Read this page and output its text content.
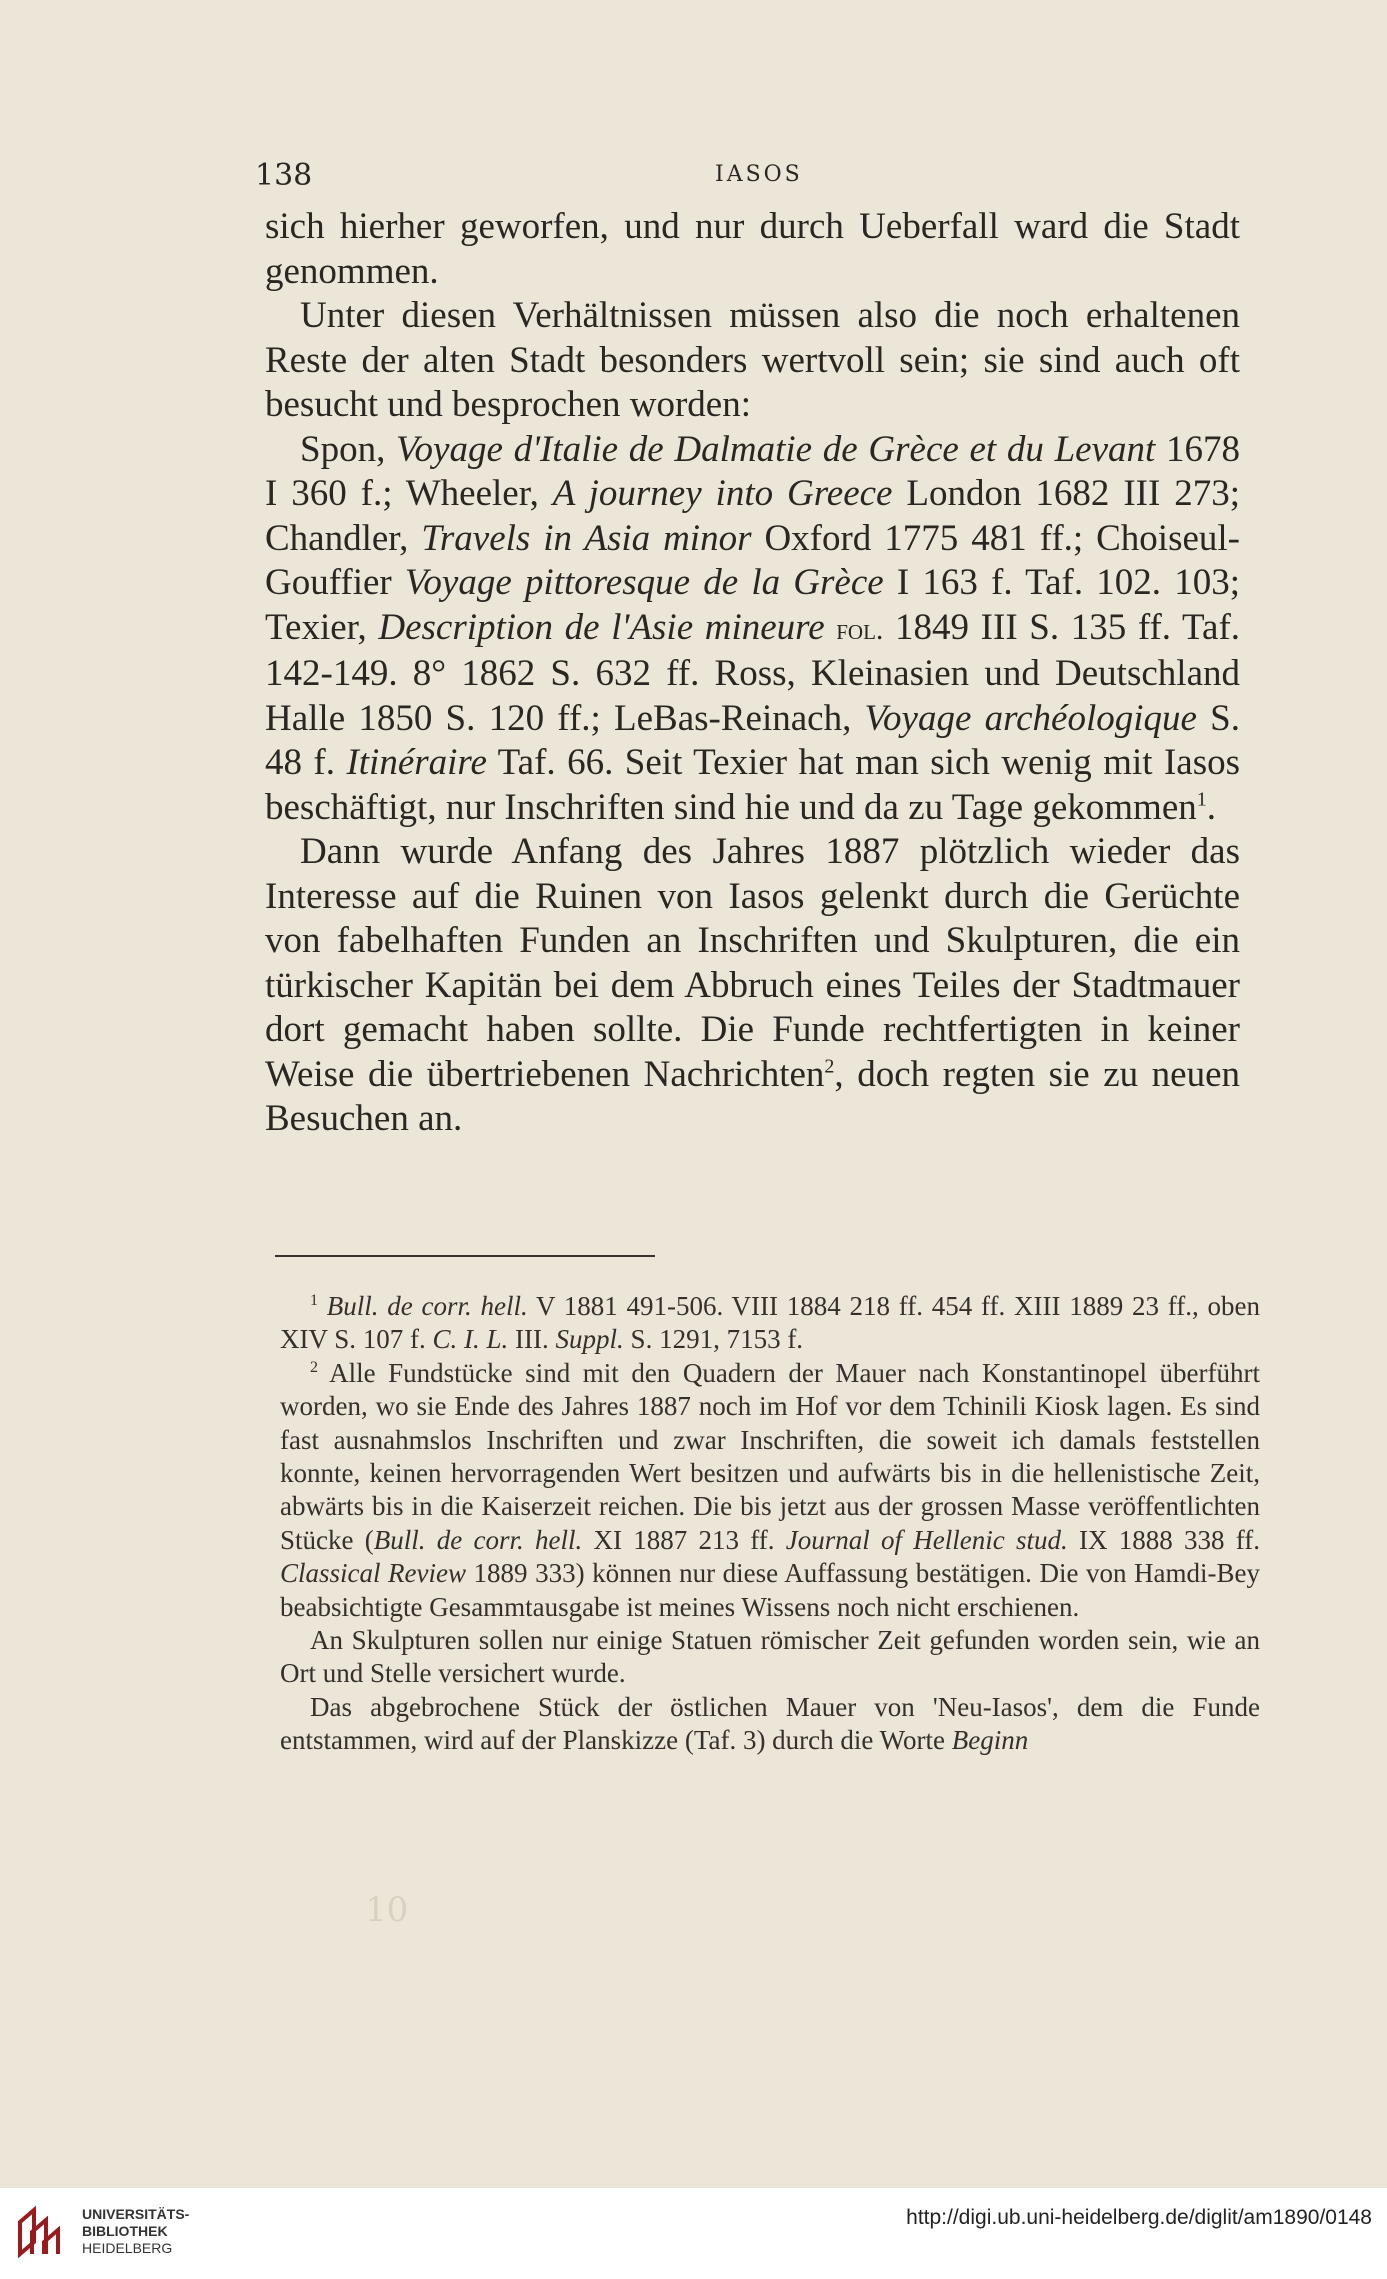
138	IASOS

sich hierher geworfen, und nur durch Ueberfall ward die Stadt genommen.

Unter diesen Verhältnissen müssen also die noch erhaltenen Reste der alten Stadt besonders wertvoll sein; sie sind auch oft besucht und besprochen worden:

Spon, Voyage d'Italie de Dalmatie de Grèce et du Levant 1678 I 360 f.; Wheeler, A journey into Greece London 1682 III 273; Chandler, Travels in Asia minor Oxford 1775 481 ff.; Choiseul-Gouffier Voyage pittoresque de la Grèce I 163 f. Taf. 102. 103; Texier, Description de l'Asie mineure fol. 1849 III S. 135 ff. Taf. 142-149. 8° 1862 S. 632 ff. Ross, Kleinasien und Deutschland Halle 1850 S. 120 ff.; LeBas-Reinach, Voyage archéologique S. 48 f. Itinéraire Taf. 66. Seit Texier hat man sich wenig mit Iasos beschäftigt, nur Inschriften sind hie und da zu Tage gekommen$^1$.

Dann wurde Anfang des Jahres 1887 plötzlich wieder das Interesse auf die Ruinen von Iasos gelenkt durch die Gerüchte von fabelhaften Funden an Inschriften und Skulpturen, die ein türkischer Kapitän bei dem Abbruch eines Teiles der Stadtmauer dort gemacht haben sollte. Die Funde rechtfertigten in keiner Weise die übertriebenen Nachrichten$^2$, doch regten sie zu neuen Besuchen an.

$^1$ Bull. de corr. hell. V 1881 491-506. VIII 1884 218 ff. 454 ff. XIII 1889 23 ff., oben XIV S. 107 f. C. I. L. III. Suppl. S. 1291, 7153 f.

$^2$ Alle Fundstücke sind mit den Quadern der Mauer nach Konstantinopel überführt worden, wo sie Ende des Jahres 1887 noch im Hof vor dem Tchinili Kiosk lagen. Es sind fast ausnahmslos Inschriften und zwar Inschriften, die soweit ich damals feststellen konnte, keinen hervorragenden Wert besitzen und aufwärts bis in die hellenistische Zeit, abwärts bis in die Kaiserzeit reichen. Die bis jetzt aus der grossen Masse veröffentlichten Stücke (Bull. de corr. hell. XI 1887 213 ff. Journal of Hellenic stud. IX 1888 338 ff. Classical Review 1889 333) können nur diese Auffassung bestätigen. Die von Hamdi-Bey beabsichtigte Gesammtausgabe ist meines Wissens noch nicht erschienen.

An Skulpturen sollen nur einige Statuen römischer Zeit gefunden worden sein, wie an Ort und Stelle versichert wurde.

Das abgebrochene Stück der östlichen Mauer von 'Neu-Iasos', dem die Funde entstammen, wird auf der Planskizze (Taf. 3) durch die Worte Beginn

10
UNIVERSITÄTS-
BIBLIOTHEK
HEIDELBERG
http://digi.ub.uni-heidelberg.de/diglit/am1890/0148
